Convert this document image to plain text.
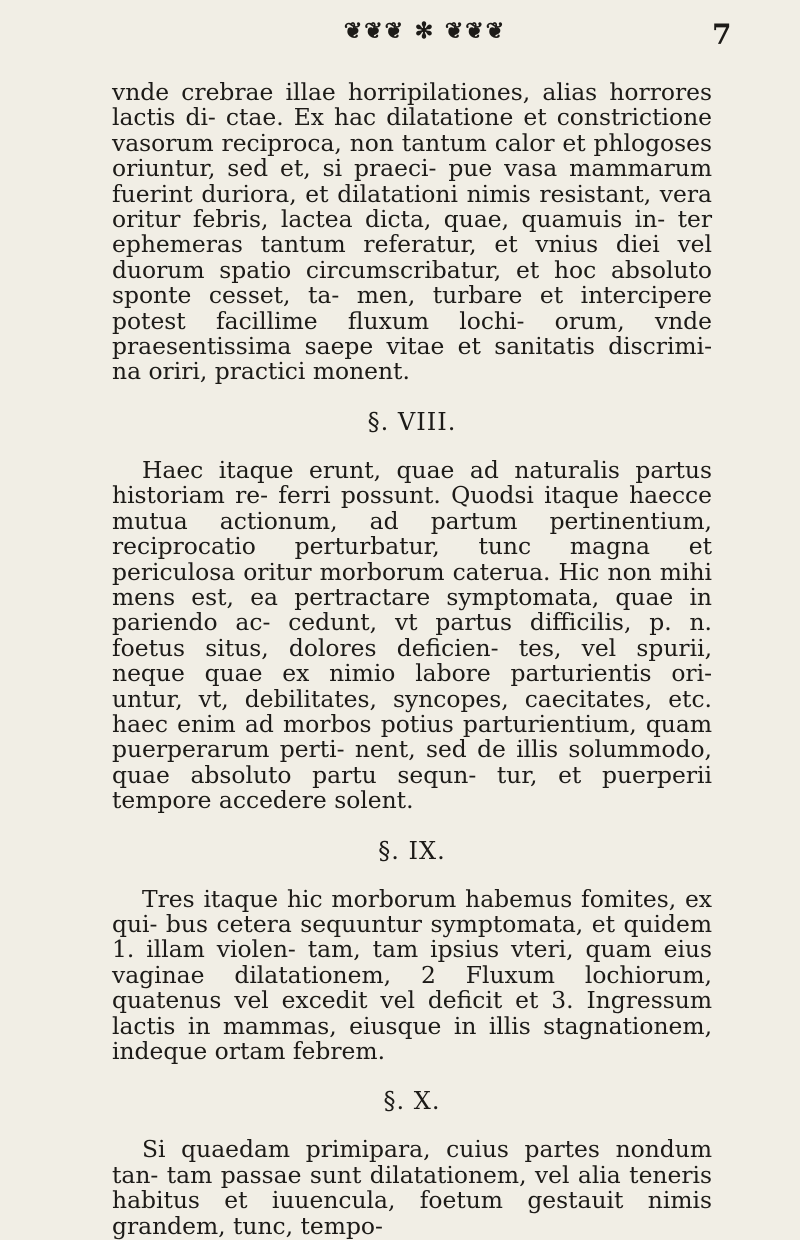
❦❦❦ ✻ ❦❦❦	7

vnde crebrae illae horripilationes, alias horrores lactis di- ctae. Ex hac dilatatione et constrictione vasorum reciproca, non tantum calor et phlogoses oriuntur, sed et, si praeci- pue vasa mammarum fuerint duriora, et dilatationi nimis resistant, vera oritur febris, lactea dicta, quae, quamuis in- ter ephemeras tantum referatur, et vnius diei vel duorum spatio circumscribatur, et hoc absoluto sponte cesset, ta- men, turbare et intercipere potest facillime fluxum lochi- orum, vnde praesentissima saepe vitae et sanitatis discrimi- na oriri, practici monent.

§. VIII.

Haec itaque erunt, quae ad naturalis partus historiam re- ferri possunt. Quodsi itaque haecce mutua actionum, ad partum pertinentium, reciprocatio perturbatur, tunc magna et periculosa oritur morborum caterua. Hic non mihi mens est, ea pertractare symptomata, quae in pariendo ac- cedunt, vt partus difficilis, p. n. foetus situs, dolores deficien- tes, vel spurii, neque quae ex nimio labore parturientis ori- untur, vt, debilitates, syncopes, caecitates, etc. haec enim ad morbos potius parturientium, quam puerperarum perti- nent, sed de illis solummodo, quae absoluto partu sequn- tur, et puerperii tempore accedere solent.

§. IX.

Tres itaque hic morborum habemus fomites, ex qui- bus cetera sequuntur symptomata, et quidem 1. illam violen- tam, tam ipsius vteri, quam eius vaginae dilatationem, 2 Fluxum lochiorum, quatenus vel excedit vel deficit et 3. Ingressum lactis in mammas, eiusque in illis stagnationem, indeque ortam febrem.

§. X.

Si quaedam primipara, cuius partes nondum tan- tam passae sunt dilatationem, vel alia teneris habitus et iuuencula, foetum gestauit nimis grandem, tunc, tempo-
